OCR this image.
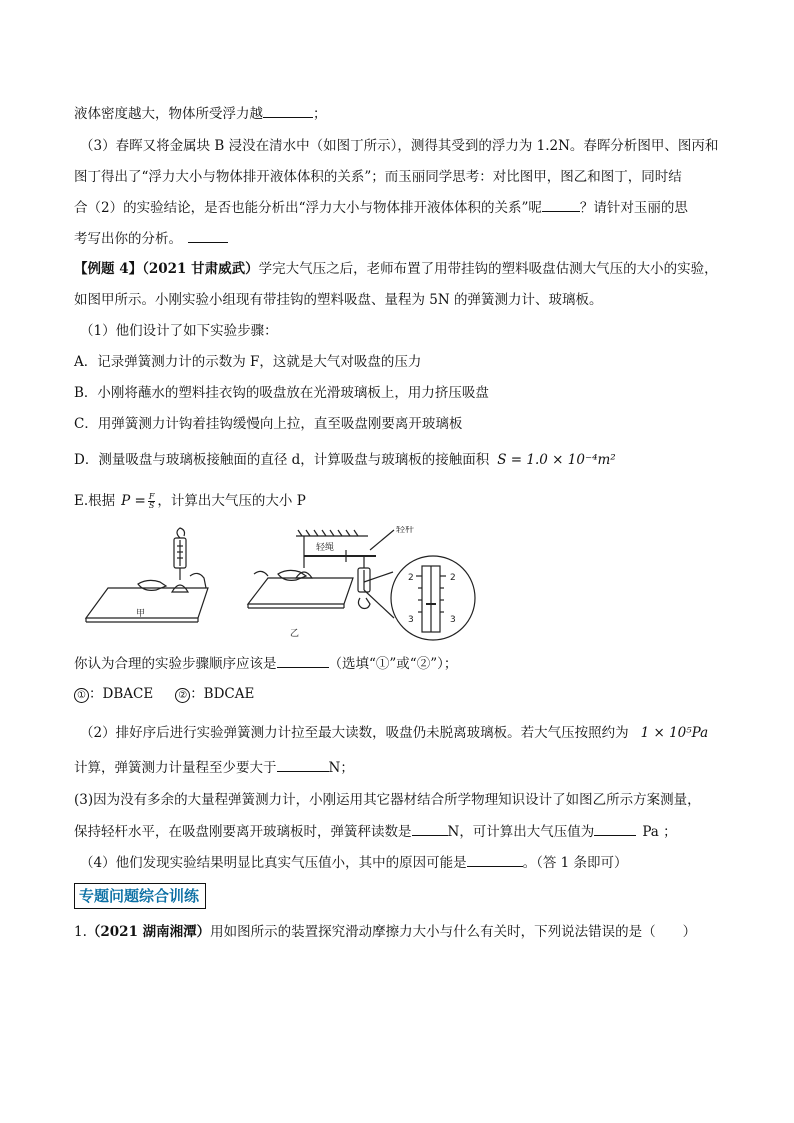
液体密度越大，物体所受浮力越	；
（3）春晖又将金属块 B 浸没在清水中（如图丁所示），测得其受到的浮力为 1.2N。春晖分析图甲、图丙和
图丁得出了“浮力大小与物体排开液体体积的关系”；而玉丽同学思考：对比图甲，图乙和图丁，同时结
合（2）的实验结论，是否也能分析出“浮力大小与物体排开液体体积的关系”呢	？请针对玉丽的思
考写出你的分析。
【例题 4】（2021 甘肃威武）学完大气压之后，老师布置了用带挂钩的塑料吸盘估测大气压的大小的实验，
如图甲所示。小刚实验小组现有带挂钩的塑料吸盘、量程为 5N 的弹簧测力计、玻璃板。
（1）他们设计了如下实验步骤：
A．记录弹簧测力计的示数为 F，这就是大气对吸盘的压力
B．小刚将蘸水的塑料挂衣钩的吸盘放在光滑玻璃板上，用力挤压吸盘
C．用弹簧测力计钩着挂钩缓慢向上拉，直至吸盘刚要离开玻璃板
D．测量吸盘与玻璃板接触面的直径 d，计算吸盘与玻璃板的接触面积 S = 1.0 × 10⁻⁴m²
E.根据 $P = \frac{F}{S}$ ，计算出大气压的大小 P
甲
乙
轻杆
轻绳
2	2
3	3
你认为合理的实验步骤顺序应该是	（选填“①”或“②”）；
① ：DBACE	② ：BDCAE
（2）排好序后进行实验弹簧测力计拉至最大读数，吸盘仍未脱离玻璃板。若大气压按照约为 1 × 10⁵Pa
计算，弹簧测力计量程至少要大于	N；
(3)因为没有多余的大量程弹簧测力计，小刚运用其它器材结合所学物理知识设计了如图乙所示方案测量，
保持轻杆水平，在吸盘刚要离开玻璃板时，弹簧秤读数是	N，可计算出大气压值为	Pa ；
（4）他们发现实验结果明显比真实气压值小，其中的原因可能是	。（答 1 条即可）
专题问题综合训练
1.（2021 湖南湘潭）用如图所示的装置探究滑动摩擦力大小与什么有关时，下列说法错误的是（　　）
